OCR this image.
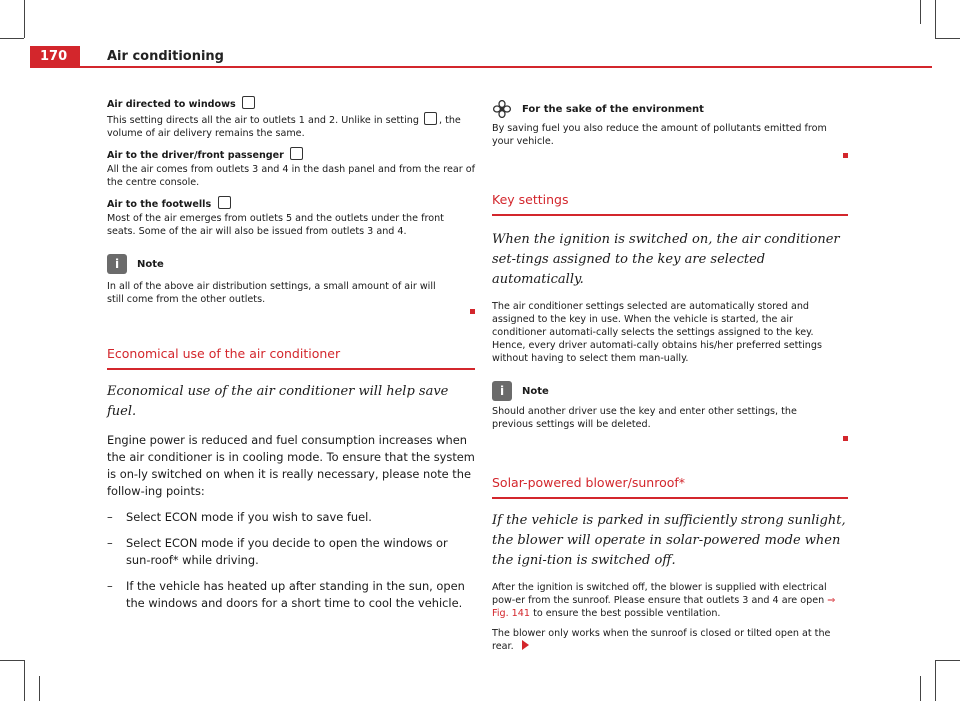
170	Air conditioning

Air directed to windows

This setting directs all the air to outlets 1 and 2. Unlike in setting , the volume of air delivery remains the same.

Air to the driver/front passenger

All the air comes from outlets 3 and 4 in the dash panel and from the rear of the centre console.

Air to the footwells

Most of the air emerges from outlets 5 and the outlets under the front seats. Some of the air will also be issued from outlets 3 and 4.

i	Note

In all of the above air distribution settings, a small amount of air will still come from the other outlets.

Economical use of the air conditioner

Economical use of the air conditioner will help save fuel.

Engine power is reduced and fuel consumption increases when the air conditioner is in cooling mode. To ensure that the system is on-ly switched on when it is really necessary, please note the follow-ing points:

– Select ECON mode if you wish to save fuel.
– Select ECON mode if you decide to open the windows or sun-roof* while driving.
– If the vehicle has heated up after standing in the sun, open the windows and doors for a short time to cool the vehicle.
For the sake of the environment

By saving fuel you also reduce the amount of pollutants emitted from your vehicle.

Key settings

When the ignition is switched on, the air conditioner set-tings assigned to the key are selected automatically.

The air conditioner settings selected are automatically stored and assigned to the key in use. When the vehicle is started, the air conditioner automati-cally selects the settings assigned to the key. Hence, every driver automati-cally obtains his/her preferred settings without having to select them man-ually.

i	Note

Should another driver use the key and enter other settings, the previous settings will be deleted.

Solar-powered blower/sunroof*

If the vehicle is parked in sufficiently strong sunlight, the blower will operate in solar-powered mode when the igni-tion is switched off.

After the ignition is switched off, the blower is supplied with electrical pow-er from the sunroof. Please ensure that outlets 3 and 4 are open ⇒ Fig. 141 to ensure the best possible ventilation.

The blower only works when the sunroof is closed or tilted open at the rear.
